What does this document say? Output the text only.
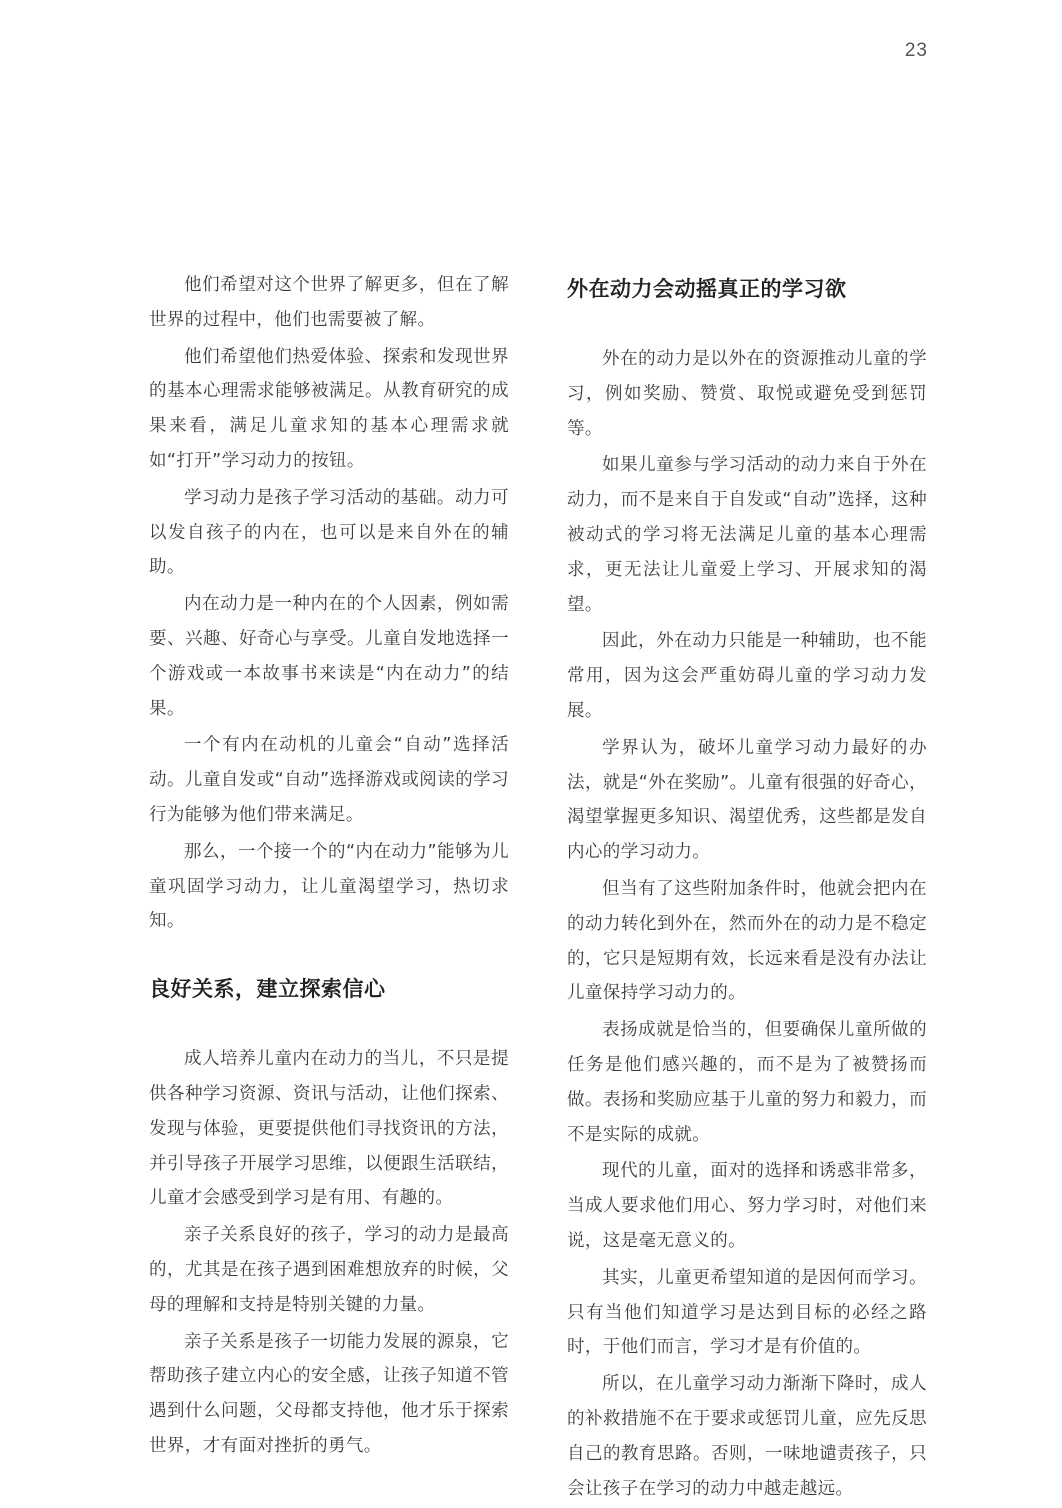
23

他们希望对这个世界了解更多，但在了解世界的过程中，他们也需要被了解。

他们希望他们热爱体验、探索和发现世界的基本心理需求能够被满足。从教育研究的成果来看，满足儿童求知的基本心理需求就如“打开”学习动力的按钮。

学习动力是孩子学习活动的基础。动力可以发自孩子的内在，也可以是来自外在的辅助。

内在动力是一种内在的个人因素，例如需要、兴趣、好奇心与享受。儿童自发地选择一个游戏或一本故事书来读是“内在动力”的结果。

一个有内在动机的儿童会“自动”选择活动。儿童自发或“自动”选择游戏或阅读的学习行为能够为他们带来满足。

那么，一个接一个的“内在动力”能够为儿童巩固学习动力，让儿童渴望学习，热切求知。

良好关系，建立探索信心

成人培养儿童内在动力的当儿，不只是提供各种学习资源、资讯与活动，让他们探索、发现与体验，更要提供他们寻找资讯的方法，并引导孩子开展学习思维，以便跟生活联结，儿童才会感受到学习是有用、有趣的。

亲子关系良好的孩子，学习的动力是最高的，尤其是在孩子遇到困难想放弃的时候，父母的理解和支持是特别关键的力量。

亲子关系是孩子一切能力发展的源泉，它帮助孩子建立内心的安全感，让孩子知道不管遇到什么问题，父母都支持他，他才乐于探索世界，才有面对挫折的勇气。

外在动力会动摇真正的学习欲

外在的动力是以外在的资源推动儿童的学习，例如奖励、赞赏、取悦或避免受到惩罚等。

如果儿童参与学习活动的动力来自于外在动力，而不是来自于自发或“自动”选择，这种被动式的学习将无法满足儿童的基本心理需求，更无法让儿童爱上学习、开展求知的渴望。

因此，外在动力只能是一种辅助，也不能常用，因为这会严重妨碍儿童的学习动力发展。

学界认为，破坏儿童学习动力最好的办法，就是“外在奖励”。儿童有很强的好奇心，渴望掌握更多知识、渴望优秀，这些都是发自内心的学习动力。

但当有了这些附加条件时，他就会把内在的动力转化到外在，然而外在的动力是不稳定的，它只是短期有效，长远来看是没有办法让儿童保持学习动力的。

表扬成就是恰当的，但要确保儿童所做的任务是他们感兴趣的，而不是为了被赞扬而做。表扬和奖励应基于儿童的努力和毅力，而不是实际的成就。

现代的儿童，面对的选择和诱惑非常多，当成人要求他们用心、努力学习时，对他们来说，这是毫无意义的。

其实，儿童更希望知道的是因何而学习。只有当他们知道学习是达到目标的必经之路时，于他们而言，学习才是有价值的。

所以，在儿童学习动力渐渐下降时，成人的补救措施不在于要求或惩罚儿童，应先反思自己的教育思路。否则，一味地谴责孩子，只会让孩子在学习的动力中越走越远。
